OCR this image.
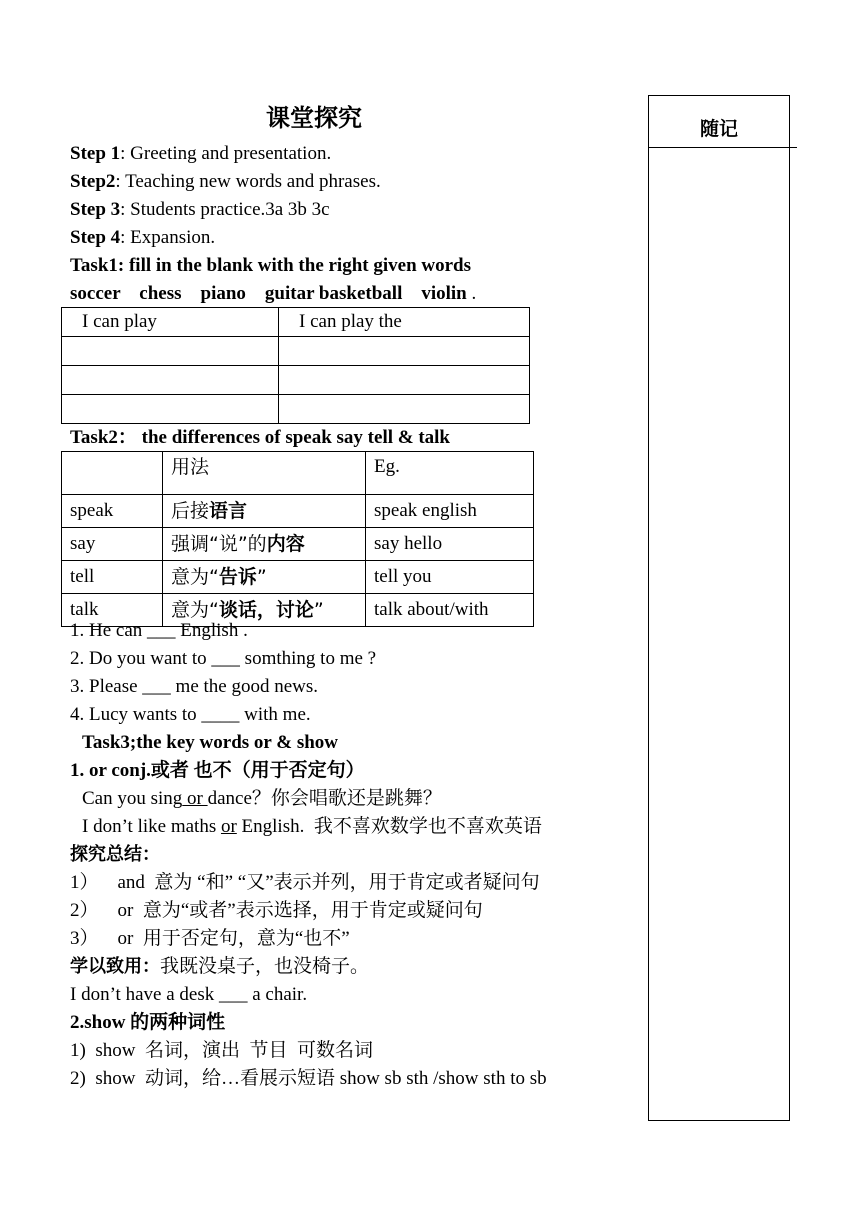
课堂探究	随记
Step 1: Greeting and presentation.
Step2: Teaching new words and phrases.
Step 3: Students practice.3a 3b 3c
Step 4: Expansion.
Task1: fill in the blank with the right given words
soccer    chess    piano    guitar basketball    violin .
I can play	I can play the

Task2： the differences of speak say tell & talk
	用法	Eg.
speak	后接语言	speak english
say	强调“说”的内容	say hello
tell	意为“告诉”	tell you
talk	意为“谈话，讨论”	talk about/with
1. He can ___ English .
2. Do you want to ___ somthing to me ?
3. Please ___ me the good news.
4. Lucy wants to ____ with me.
Task3;the key words or & show
1. or conj.或者 也不（用于否定句）
Can you sing or dance？你会唱歌还是跳舞？
I don’t like maths or English.  我不喜欢数学也不喜欢英语
探究总结：
1）    and  意为 “和” “又”表示并列，用于肯定或者疑问句
2）    or  意为“或者”表示选择，用于肯定或疑问句
3）    or  用于否定句，意为“也不”
学以致用：我既没桌子，也没椅子。
I don’t have a desk ___ a chair.
2.show 的两种词性
1)  show  名词，演出  节目  可数名词
2)  show  动词，给…看展示短语 show sb sth /show sth to sb
